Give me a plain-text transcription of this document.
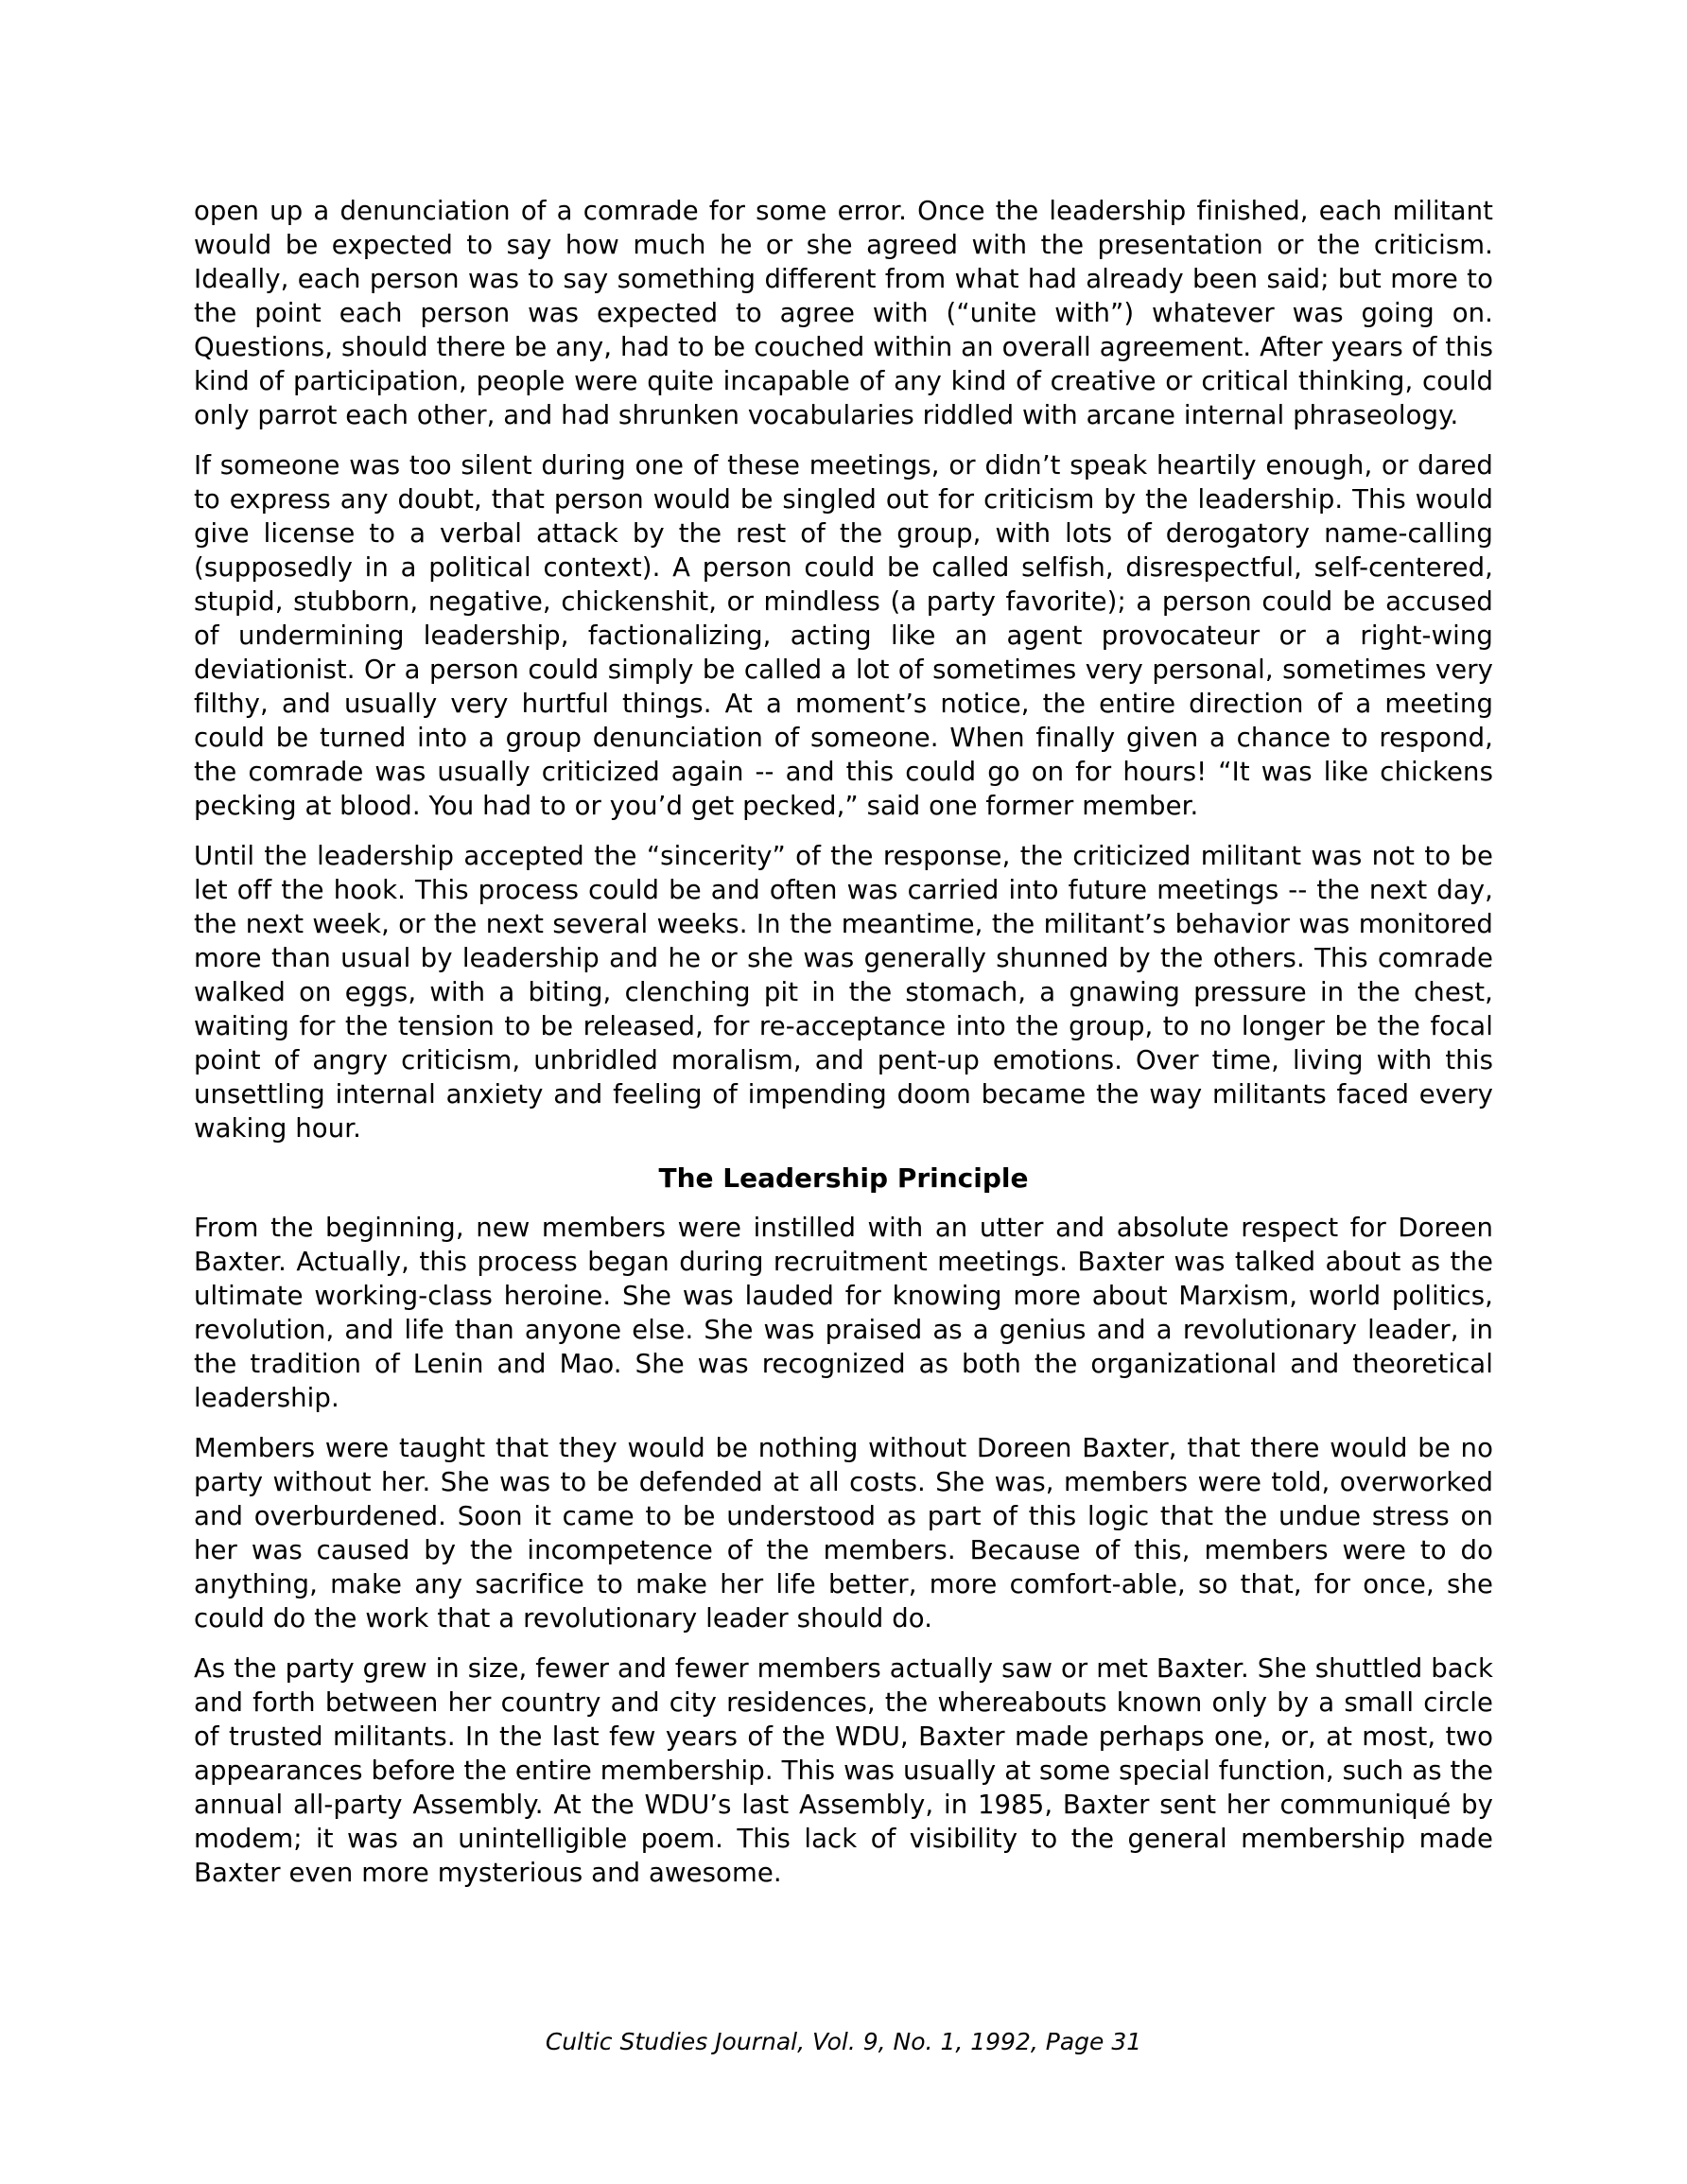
open up a denunciation of a comrade for some error. Once the leadership finished, each militant would be expected to say how much he or she agreed with the presentation or the criticism. Ideally, each person was to say something different from what had already been said; but more to the point each person was expected to agree with (“unite with”) whatever was going on. Questions, should there be any, had to be couched within an overall agreement. After years of this kind of participation, people were quite incapable of any kind of creative or critical thinking, could only parrot each other, and had shrunken vocabularies riddled with arcane internal phraseology.

If someone was too silent during one of these meetings, or didn’t speak heartily enough, or dared to express any doubt, that person would be singled out for criticism by the leadership. This would give license to a verbal attack by the rest of the group, with lots of derogatory name-calling (supposedly in a political context). A person could be called selfish, disrespectful, self-centered, stupid, stubborn, negative, chickenshit, or mindless (a party favorite); a person could be accused of undermining leadership, factionalizing, acting like an agent provocateur or a right-wing deviationist. Or a person could simply be called a lot of sometimes very personal, sometimes very filthy, and usually very hurtful things. At a moment’s notice, the entire direction of a meeting could be turned into a group denunciation of someone. When finally given a chance to respond, the comrade was usually criticized again -- and this could go on for hours! “It was like chickens pecking at blood. You had to or you’d get pecked,” said one former member.

Until the leadership accepted the “sincerity” of the response, the criticized militant was not to be let off the hook. This process could be and often was carried into future meetings -- the next day, the next week, or the next several weeks. In the meantime, the militant’s behavior was monitored more than usual by leadership and he or she was generally shunned by the others. This comrade walked on eggs, with a biting, clenching pit in the stomach, a gnawing pressure in the chest, waiting for the tension to be released, for re-acceptance into the group, to no longer be the focal point of angry criticism, unbridled moralism, and pent-up emotions. Over time, living with this unsettling internal anxiety and feeling of impending doom became the way militants faced every waking hour.

The Leadership Principle

From the beginning, new members were instilled with an utter and absolute respect for Doreen Baxter. Actually, this process began during recruitment meetings. Baxter was talked about as the ultimate working-class heroine. She was lauded for knowing more about Marxism, world politics, revolution, and life than anyone else. She was praised as a genius and a revolutionary leader, in the tradition of Lenin and Mao. She was recognized as both the organizational and theoretical leadership.

Members were taught that they would be nothing without Doreen Baxter, that there would be no party without her. She was to be defended at all costs. She was, members were told, overworked and overburdened. Soon it came to be understood as part of this logic that the undue stress on her was caused by the incompetence of the members. Because of this, members were to do anything, make any sacrifice to make her life better, more comfort-able, so that, for once, she could do the work that a revolutionary leader should do.

As the party grew in size, fewer and fewer members actually saw or met Baxter. She shuttled back and forth between her country and city residences, the whereabouts known only by a small circle of trusted militants. In the last few years of the WDU, Baxter made perhaps one, or, at most, two appearances before the entire membership. This was usually at some special function, such as the annual all-party Assembly. At the WDU’s last Assembly, in 1985, Baxter sent her communiqué by modem; it was an unintelligible poem. This lack of visibility to the general membership made Baxter even more mysterious and awesome.

Cultic Studies Journal, Vol. 9, No. 1, 1992, Page 31
